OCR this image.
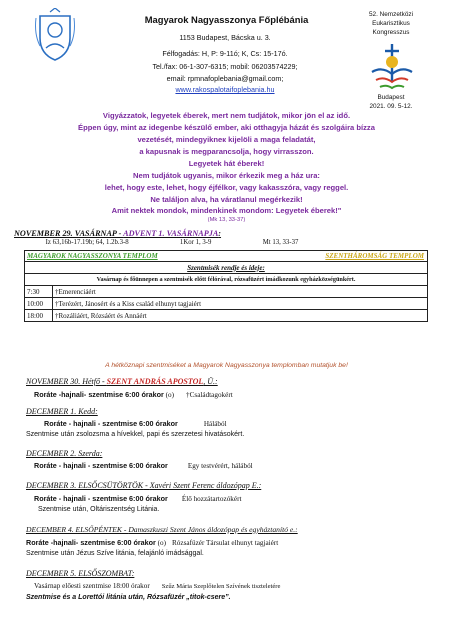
Magyarok Nagyasszonya Főplébánia	52. Nemzetközi
Eukarisztikus
Kongresszus
Budapest
2021. 09. 5-12.
1153 Budapest, Bácska u. 3.
Félfogadás: H, P: 9-11ó; K, Cs: 15-17ó.
Tel./fax: 06-1-307-6315; mobil: 06203574229;
email: rpmnafoplebania@gmail.com;
www.rakospalotaifoplebania.hu
Vigyázzatok, legyetek éberek, mert nem tudjátok, mikor jön el az idő.
Éppen úgy, mint az idegenbe készülő ember, aki otthagyja házát és szolgáira bízza
vezetését, mindegyikneк kijelöli a maga feladatát,
a kapusnak is megparancsolja, hogy virrasszon.
Legyetek hát éberek!
Nem tudjátok ugyanis, mikor érkezik meg a ház ura:
lehet, hogy este, lehet, hogy éjfélkor, vagy kakasszóra, vagy reggel.
Ne találjon alva, ha váratlanul megérkezik!
Amit nektek mondok, mindenkinek mondom: Legyetek éberek!"
(Mk 13, 33-37)
NOVEMBER 29. VASÁRNAP - ADVENT 1. VASÁRNAPJA:
Iz 63,16b-17.19b; 64, 1.2b.3-8	1Kor 1, 3-9	Mt 13, 33-37
MAGYAROK NAGYASSZONYA TEMPLOM SZENTHÁROMSÁG TEMPLOM	

Szentmisék rendje és ideje:	
Vasárnap és főünnepen a szentmisék előtt félórával, rózsafüzért imádkozunk egyházközségünkért.	
7:30	†Emerenciáért
10:00	†Terézért, Jánosért és a Kiss család elhunyt tagjaiért
18:00	†Rozáliáért, Rózsáért és Annáért
A hétköznapi szentmiséket a Magyarok Nagyasszonya templomban mutatjuk be!
NOVEMBER 30. Hétfő - SZENT ANDRÁS APOSTOL, Ü.:
Roráte -hajnali- szentmise 6:00 órakor (o) †Családtagokért
DECEMBER 1. Kedd:
Roráte - hajnali - szentmise 6:00 órakor	Hálából
Szentmise után zsolozsma a hívekkel, papi és szerzetesi hivatásokért.
DECEMBER 2. Szerda:
Roráte - hajnali - szentmise 6:00 órakor	Egy testvérért, hálából
DECEMBER 3. ELSŐCSÜTÖRTÖK - Xavéri Szent Ferenc áldozópap E.:
Roráte - hajnali - szentmise 6:00 órakor Élő hozzátartozókért
Szentmise után, Oltáriszentség Litánia.
DECEMBER 4. ELSŐPÉNTEK - Damaszkuszi Szent János áldozópap és egyháztanító e.:
Roráte -hajnali- szentmise 6:00 órakor (o) Rózsafüzér Társulat elhunyt tagjaiért
Szentmise után Jézus Szíve litánia, felajánló imádsággal.
DECEMBER 5. ELSŐSZOMBAT:
Vasárnap előesti szentmise 18:00 órakor Szűz Mária Szeplőtelen Szívének tiszteletére
Szentmise és a Lorettói litánia után, Rózsafüzér „titok-csere”.
